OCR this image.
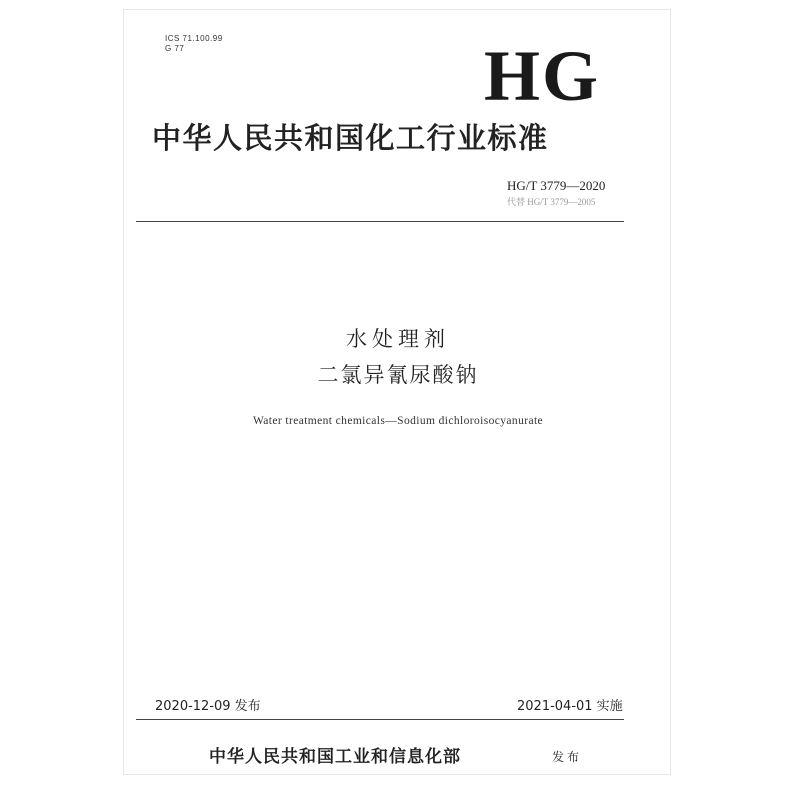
ICS 71.100.99
G 77	HG
中华人民共和国化工行业标准
HG/T 3779—2020
代替 HG/T 3779—2005
水处理剂
二氯异氰尿酸钠
Water treatment chemicals—Sodium dichloroisocyanurate
2020-12-09 发布	2021-04-01 实施
中华人民共和国工业和信息化部	发布
